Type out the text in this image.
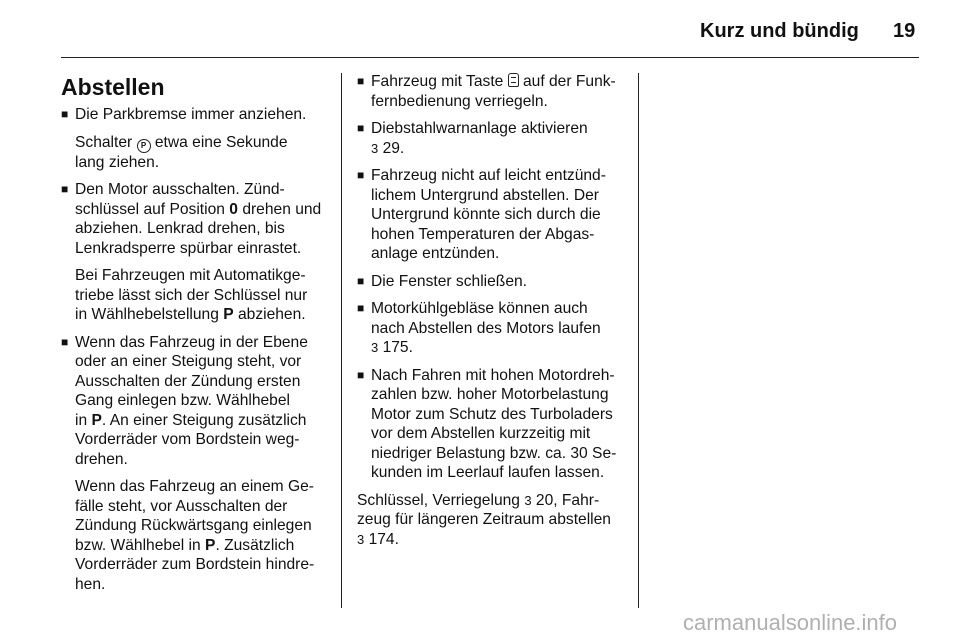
Kurz und bündig 19
Abstellen
■ Die Parkbremse immer anziehen.

Schalter P etwa eine Sekunde
lang ziehen.

■ Den Motor ausschalten. Zünd-
schlüssel auf Position 0 drehen und
abziehen. Lenkrad drehen, bis
Lenkradsperre spürbar einrastet.

Bei Fahrzeugen mit Automatikge-
triebe lässt sich der Schlüssel nur
in Wählhebelstellung P abziehen.

■ Wenn das Fahrzeug in der Ebene
oder an einer Steigung steht, vor
Ausschalten der Zündung ersten
Gang einlegen bzw. Wählhebel
in P. An einer Steigung zusätzlich
Vorderräder vom Bordstein weg-
drehen.

Wenn das Fahrzeug an einem Ge-
fälle steht, vor Ausschalten der
Zündung Rückwärtsgang einlegen
bzw. Wählhebel in P. Zusätzlich
Vorderräder zum Bordstein hindre-
hen.

■ Fahrzeug mit Taste  auf der Funk-
fernbedienung verriegeln.
■ Diebstahlwarnanlage aktivieren
3 29.
■ Fahrzeug nicht auf leicht entzünd-
lichem Untergrund abstellen. Der
Untergrund könnte sich durch die
hohen Temperaturen der Abgas-
anlage entzünden.
■ Die Fenster schließen.
■ Motorkühlgebläse können auch
nach Abstellen des Motors laufen
3 175.
■ Nach Fahren mit hohen Motordreh-
zahlen bzw. hoher Motorbelastung
Motor zum Schutz des Turboladers
vor dem Abstellen kurzzeitig mit
niedriger Belastung bzw. ca. 30 Se-
kunden im Leerlauf laufen lassen.

Schlüssel, Verriegelung 3 20, Fahr-
zeug für längeren Zeitraum abstellen
3 174.

carmanualsonline.info
